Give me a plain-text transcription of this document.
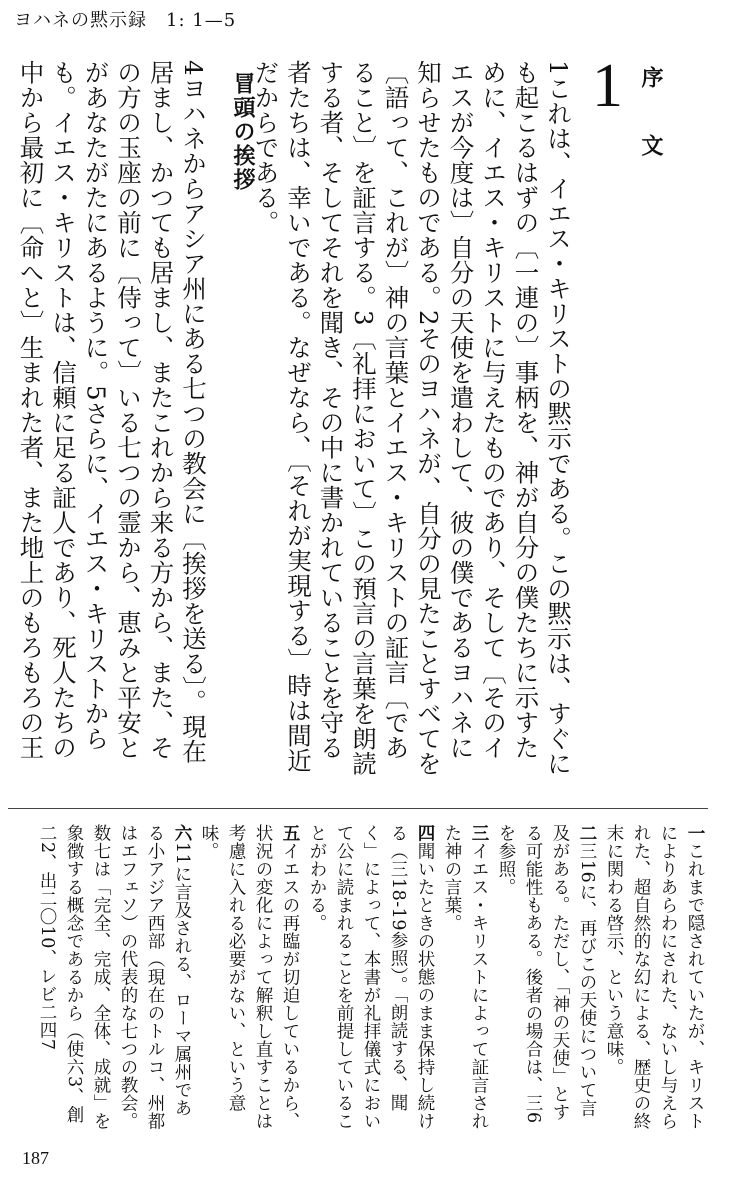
ヨハネの黙示録　1: 1—5
1 序　文
冒頭の挨拶	1これは、イエス・キリストの黙示である。この黙示は、すぐにも起こるはずの〔一連の〕事柄を、神が自分の僕たちに示すために、イエス・キリストに与えたものであり、そして〔そのイエスが今度は〕自分の天使を遣わして、彼の僕であるヨハネに知らせたものである。2そのヨハネが、自分の見たことすべてを〔語って、これが〕神の言葉とイエス・キリストの証言〔であること〕を証言する。3〔礼拝において〕この預言の言葉を朗読する者、そしてそれを聞き、その中に書かれていることを守る者たちは、幸いである。なぜなら、〔それが実現する〕時は間近だからである。

4ヨハネからアシア州にある七つの教会に〔挨拶を送る〕。現在居まし、かつても居まし、またこれから来る方から、また、その方の玉座の前に〔侍って〕いる七つの霊から、恵みと平安とがあなたがたにあるように。5さらに、イエス・キリストからも。イエス・キリストは、信頼に足る証人であり、死人たちの中から最初に〔命へと〕生まれた者、また地上のもろもろの王

一これまで隠されていたが、キリストによりあらわにされた、ないし与えられた、超自然的な幻による、歴史の終末に関わる啓示、という意味。

二三16に、再びこの天使について言及がある。ただし、「神の天使」とする可能性もある。後者の場合は、三6を参照。

三イエス・キリストによって証言された神の言葉。

四聞いたときの状態のまま保持し続ける（三18‐19参照）。「朗読する、聞く」によって、本書が礼拝儀式において公に読まれることを前提していることがわかる。

五イエスの再臨が切迫しているから、状況の変化によって解釈し直すことは考慮に入れる必要がない、という意味。

六11に言及される、ローマ属州である小アジア西部（現在のトルコ、州都はエフェソ）の代表的な七つの教会。数七は「完全、完成、全体、成就」を象徴する概念であるから（使六3、創二2、出二〇10、レビ二四7

187
